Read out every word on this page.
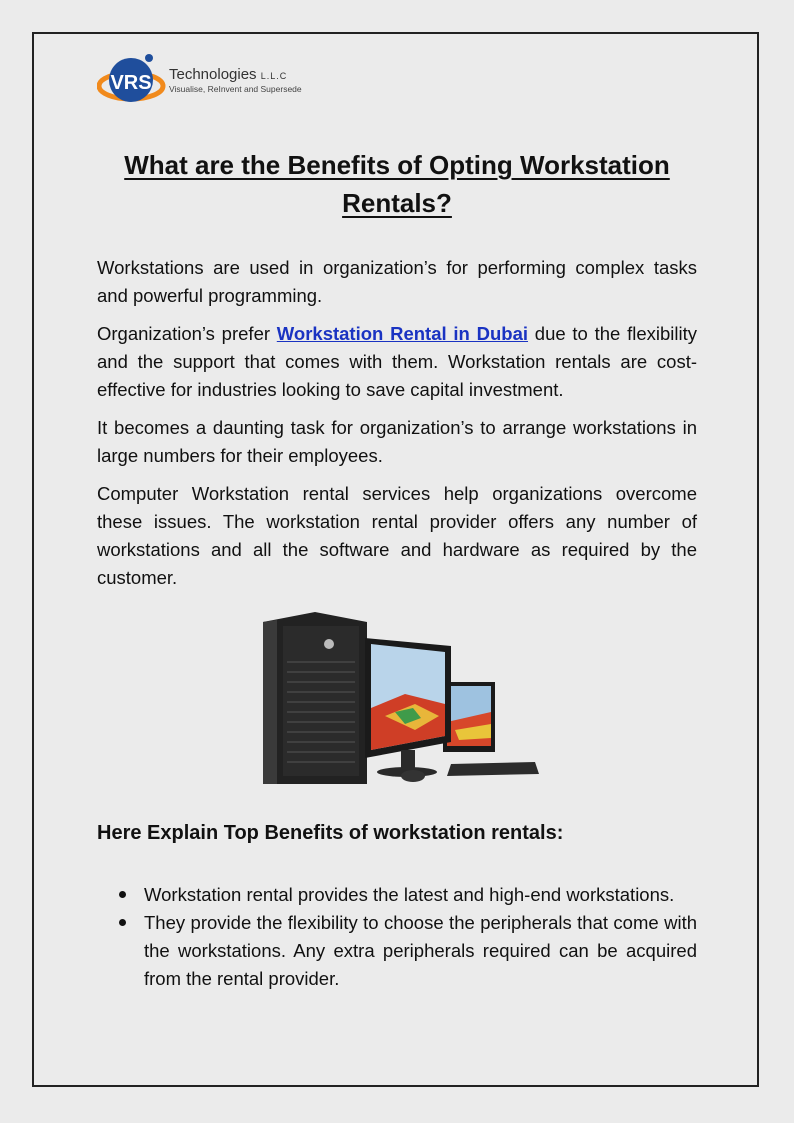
VRS Technologies L.L.C
Visualise, ReInvent and Supersede
What are the Benefits of Opting Workstation Rentals?

Workstations are used in organization’s for performing complex tasks and powerful programming.

Organization’s prefer Workstation Rental in Dubai due to the flexibility and the support that comes with them. Workstation rentals are cost-effective for industries looking to save capital investment.

It becomes a daunting task for organization’s to arrange workstations in large numbers for their employees.

Computer Workstation rental services help organizations overcome these issues. The workstation rental provider offers any number of workstations and all the software and hardware as required by the customer.

Here Explain Top Benefits of workstation rentals:
Workstation rental provides the latest and high-end workstations.
They provide the flexibility to choose the peripherals that come with the workstations. Any extra peripherals required can be acquired from the rental provider.
